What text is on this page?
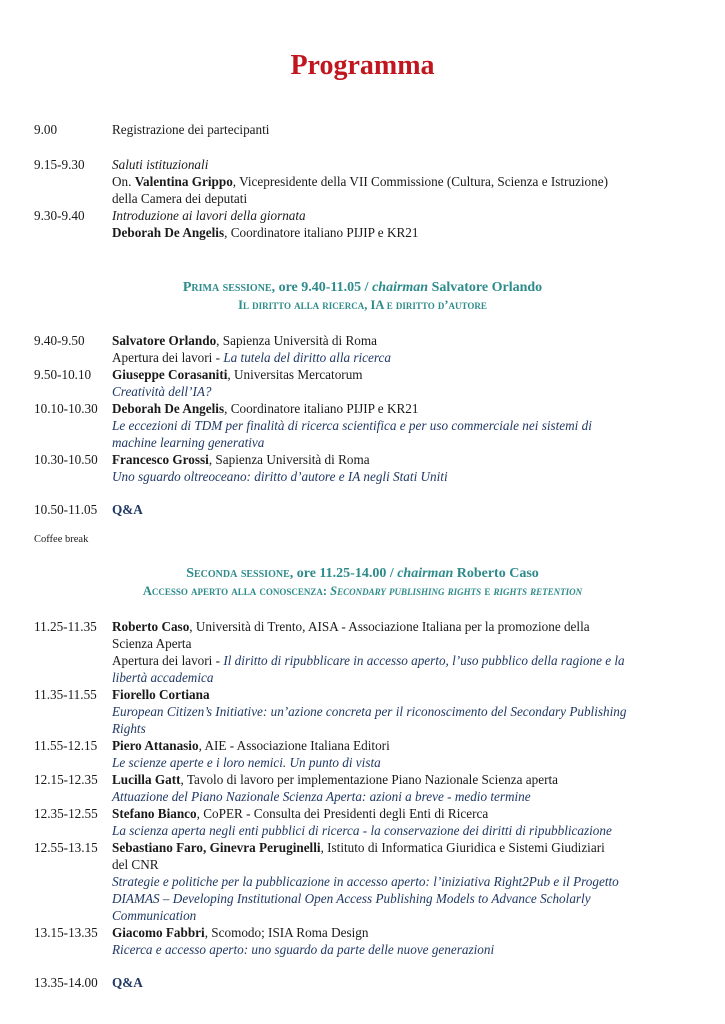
Programma
9.00	Registrazione dei partecipanti
9.15-9.30	Saluti istituzionali
On. Valentina Grippo, Vicepresidente della VII Commissione (Cultura, Scienza e Istruzione)
della Camera dei deputati
9.30-9.40	Introduzione ai lavori della giornata
Deborah De Angelis, Coordinatore italiano PIJIP e KR21
Prima sessione, ore 9.40-11.05 / chairman Salvatore Orlando
Il diritto alla ricerca, IA e diritto d’autore
9.40-9.50	Salvatore Orlando, Sapienza Università di Roma
Apertura dei lavori - La tutela del diritto alla ricerca
9.50-10.10	Giuseppe Corasaniti, Universitas Mercatorum
Creatività dell’IA?
10.10-10.30	Deborah De Angelis, Coordinatore italiano PIJIP e KR21
Le eccezioni di TDM per finalità di ricerca scientifica e per uso commerciale nei sistemi di
machine learning generativa
10.30-10.50	Francesco Grossi, Sapienza Università di Roma
Uno sguardo oltreoceano: diritto d’autore e IA negli Stati Uniti
10.50-11.05	Q&A
Coffee break
Seconda sessione, ore 11.25-14.00 / chairman Roberto Caso
Accesso aperto alla conoscenza: Secondary publishing rights e rights retention
11.25-11.35	Roberto Caso, Università di Trento, AISA - Associazione Italiana per la promozione della
Scienza Aperta
Apertura dei lavori - Il diritto di ripubblicare in accesso aperto, l’uso pubblico della ragione e la
libertà accademica
11.35-11.55	Fiorello Cortiana
European Citizen’s Initiative: un’azione concreta per il riconoscimento del Secondary Publishing
Rights
11.55-12.15	Piero Attanasio, AIE - Associazione Italiana Editori
Le scienze aperte e i loro nemici. Un punto di vista
12.15-12.35	Lucilla Gatt, Tavolo di lavoro per implementazione Piano Nazionale Scienza aperta
Attuazione del Piano Nazionale Scienza Aperta: azioni a breve - medio termine
12.35-12.55	Stefano Bianco, CoPER - Consulta dei Presidenti degli Enti di Ricerca
La scienza aperta negli enti pubblici di ricerca - la conservazione dei diritti di ripubblicazione
12.55-13.15	Sebastiano Faro, Ginevra Peruginelli, Istituto di Informatica Giuridica e Sistemi Giudiziari
del CNR
Strategie e politiche per la pubblicazione in accesso aperto: l’iniziativa Right2Pub e il Progetto
DIAMAS – Developing Institutional Open Access Publishing Models to Advance Scholarly
Communication
13.15-13.35	Giacomo Fabbri, Scomodo; ISIA Roma Design
Ricerca e accesso aperto: uno sguardo da parte delle nuove generazioni
13.35-14.00	Q&A
